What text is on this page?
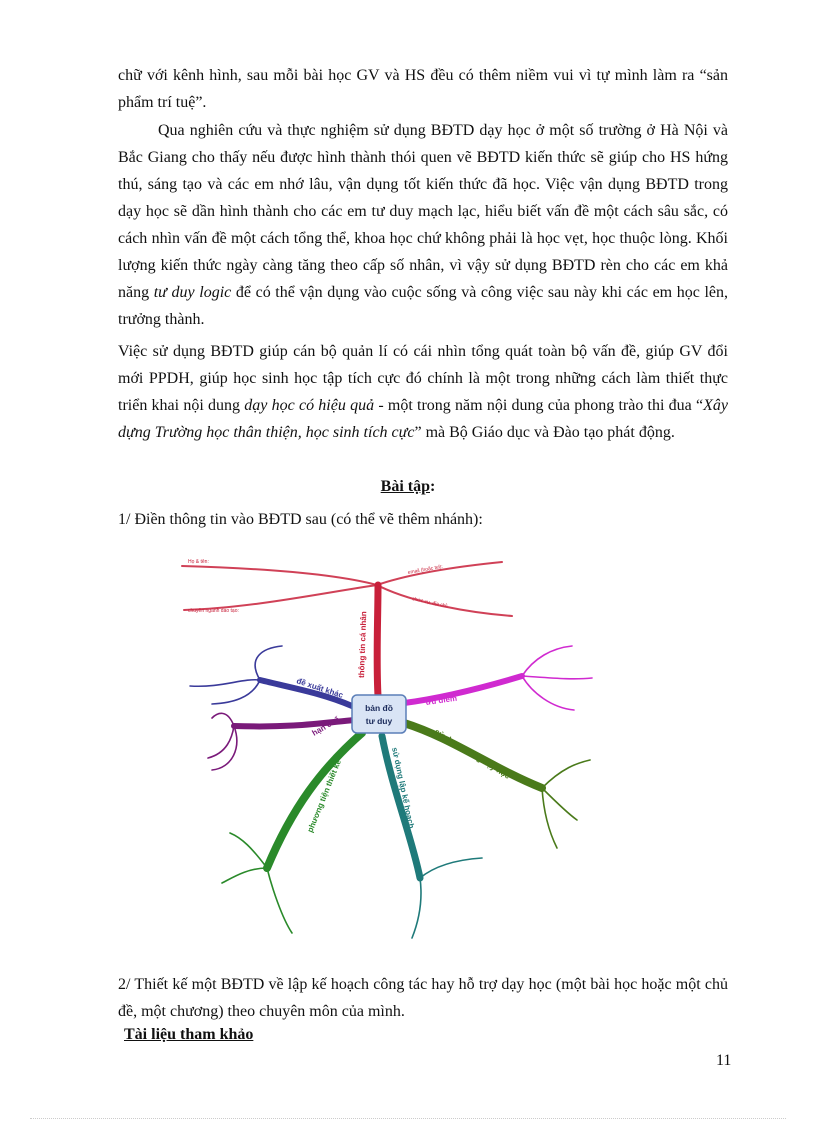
chữ với kênh hình, sau mỗi bài học GV và HS đều có thêm niềm vui vì tự mình làm ra “sản phẩm trí tuệ”.
Qua nghiên cứu và thực nghiệm sử dụng BĐTD dạy học ở một số trường ở Hà Nội và Bắc Giang cho thấy nếu được hình thành thói quen vẽ BĐTD kiến thức sẽ giúp cho HS hứng thú, sáng tạo và các em nhớ lâu, vận dụng tốt kiến thức đã học. Việc vận dụng BĐTD trong dạy học sẽ dần hình thành cho các em tư duy mạch lạc, hiểu biết vấn đề một cách sâu sắc, có cách nhìn vấn đề một cách tổng thể, khoa học chứ không phải là học vẹt, học thuộc lòng. Khối lượng kiến thức ngày càng tăng theo cấp số nhân, vì vậy sử dụng BĐTD rèn cho các em khả năng tư duy logic để có thể vận dụng vào cuộc sống và công việc sau này khi các em học lên, trưởng thành.
Việc sử dụng BĐTD giúp cán bộ quản lí có cái nhìn tổng quát toàn bộ vấn đề, giúp GV đổi mới PPDH, giúp học sinh học tập tích cực đó chính là một trong những cách làm thiết thực triển khai nội dung dạy học có hiệu quả - một trong năm nội dung của phong trào thi đua “Xây dựng Trường học thân thiện, học sinh tích cực” mà Bộ Giáo dục và Đào tạo phát động.
Bài tập:
1/ Điền thông tin vào BĐTD sau (có thể vẽ thêm nhánh):
Họ & tên:
chuyên ngành đào tạo:
email (hoặc tel):
chức vụ, địa chỉ:
thông tin cá nhân
đề xuất khác
hạn chế
phương tiện thiết kế	sử dụng lập kế hoạch sử dụng trong dạy học
ưu điểm
bản đồ
tư duy
2/ Thiết kế một BĐTD về lập kế hoạch công tác hay hỗ trợ dạy học (một bài học hoặc một chủ đề, một chương) theo chuyên môn của mình.
Tài liệu tham khảo
11
